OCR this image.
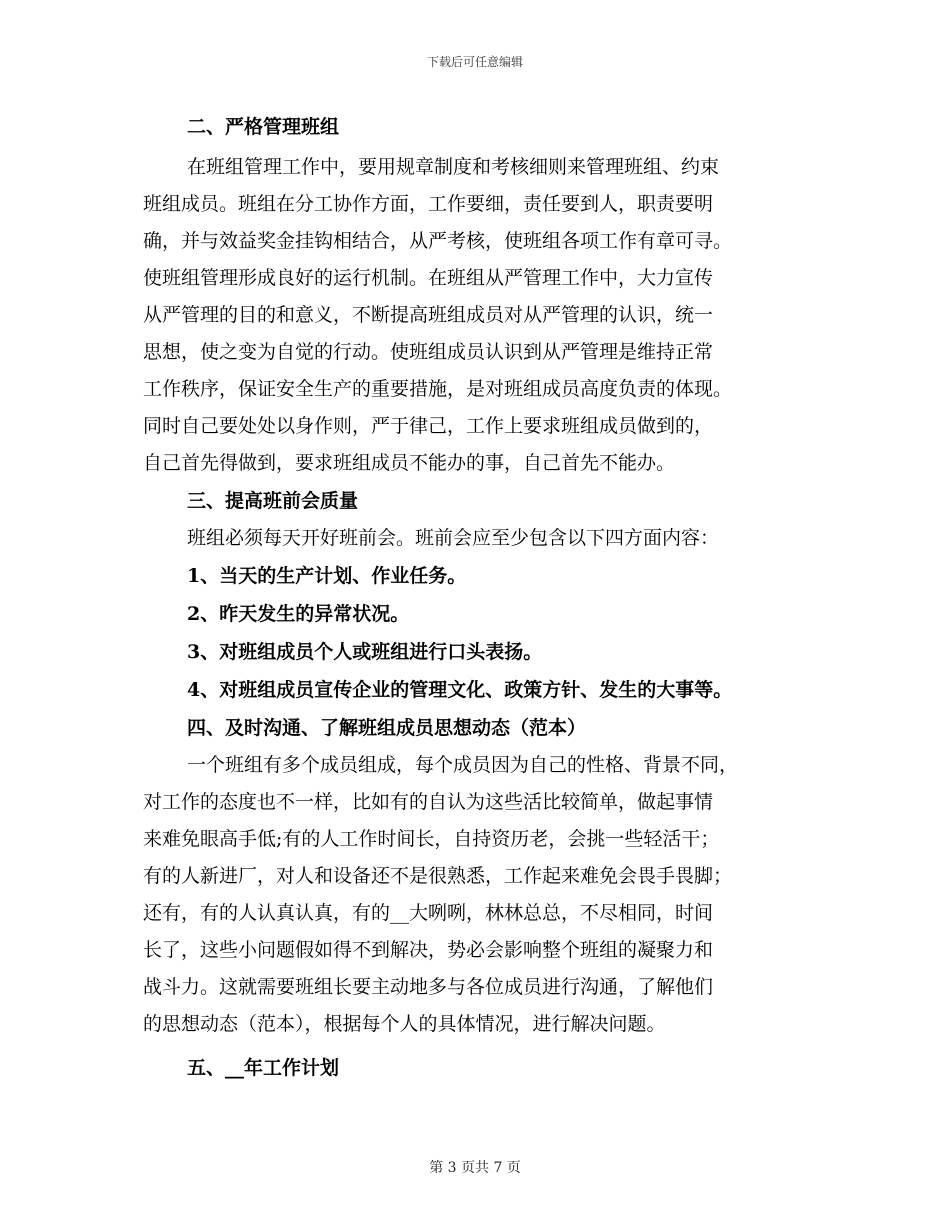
下载后可任意编辑
二、严格管理班组
在班组管理工作中，要用规章制度和考核细则来管理班组、约束
班组成员。班组在分工协作方面，工作要细，责任要到人，职责要明
确，并与效益奖金挂钩相结合，从严考核，使班组各项工作有章可寻。
使班组管理形成良好的运行机制。在班组从严管理工作中，大力宣传
从严管理的目的和意义，不断提高班组成员对从严管理的认识，统一
思想，使之变为自觉的行动。使班组成员认识到从严管理是维持正常
工作秩序，保证安全生产的重要措施，是对班组成员高度负责的体现。
同时自己要处处以身作则，严于律己，工作上要求班组成员做到的，
自己首先得做到，要求班组成员不能办的事，自己首先不能办。
三、提高班前会质量
班组必须每天开好班前会。班前会应至少包含以下四方面内容：
1、当天的生产计划、作业任务。
2、昨天发生的异常状况。
3、对班组成员个人或班组进行口头表扬。
4、对班组成员宣传企业的管理文化、政策方针、发生的大事等。
四、及时沟通、了解班组成员思想动态（范本）
一个班组有多个成员组成，每个成员因为自己的性格、背景不同，
对工作的态度也不一样，比如有的自认为这些活比较简单，做起事情
来难免眼高手低;有的人工作时间长，自持资历老，会挑一些轻活干；
有的人新进厂，对人和设备还不是很熟悉，工作起来难免会畏手畏脚；
还有，有的人认真认真，有的__大咧咧，林林总总，不尽相同，时间
长了，这些小问题假如得不到解决，势必会影响整个班组的凝聚力和
战斗力。这就需要班组长要主动地多与各位成员进行沟通，了解他们
的思想动态（范本），根据每个人的具体情况，进行解决问题。
五、__年工作计划
第 3 页共 7 页
